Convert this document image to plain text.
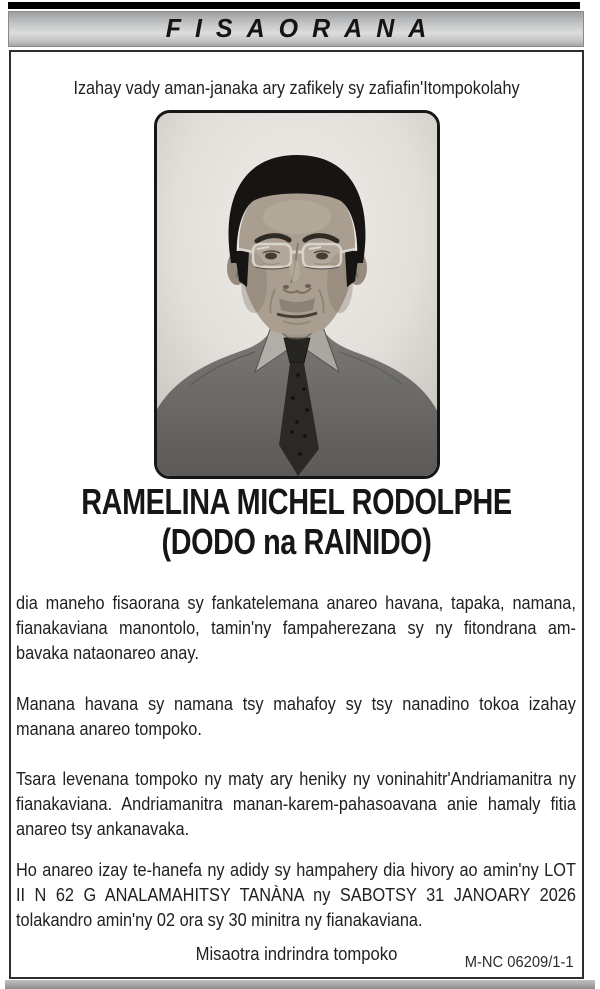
FISAORANA
Izahay vady aman-janaka ary zafikely sy zafiafin'Itompokolahy
RAMELINA MICHEL RODOLPHE
(DODO na RAINIDO)

dia maneho fisaorana sy fankatelemana anareo havana, tapaka, namana, fianakaviana manontolo, tamin'ny fampaherezana sy ny fitondrana am-bavaka nataonareo anay.

Manana havana sy namana tsy mahafoy sy tsy nanadino tokoa izahay manana anareo tompoko.

Tsara levenana tompoko ny maty ary heniky ny voninahitr'Andriamanitra ny fianakaviana. Andriamanitra manan-karem-pahasoavana anie hamaly fitia anareo tsy ankanavaka.

Ho anareo izay te-hanefa ny adidy sy hampahery dia hivory ao amin'ny LOT II N 62 G ANALAMAHITSY TANÀNA ny SABOTSY 31 JANOARY 2026 tolakandro amin'ny 02 ora sy 30 minitra ny fianakaviana.

Misaotra indrindra tompoko	M-NC 06209/1-1
